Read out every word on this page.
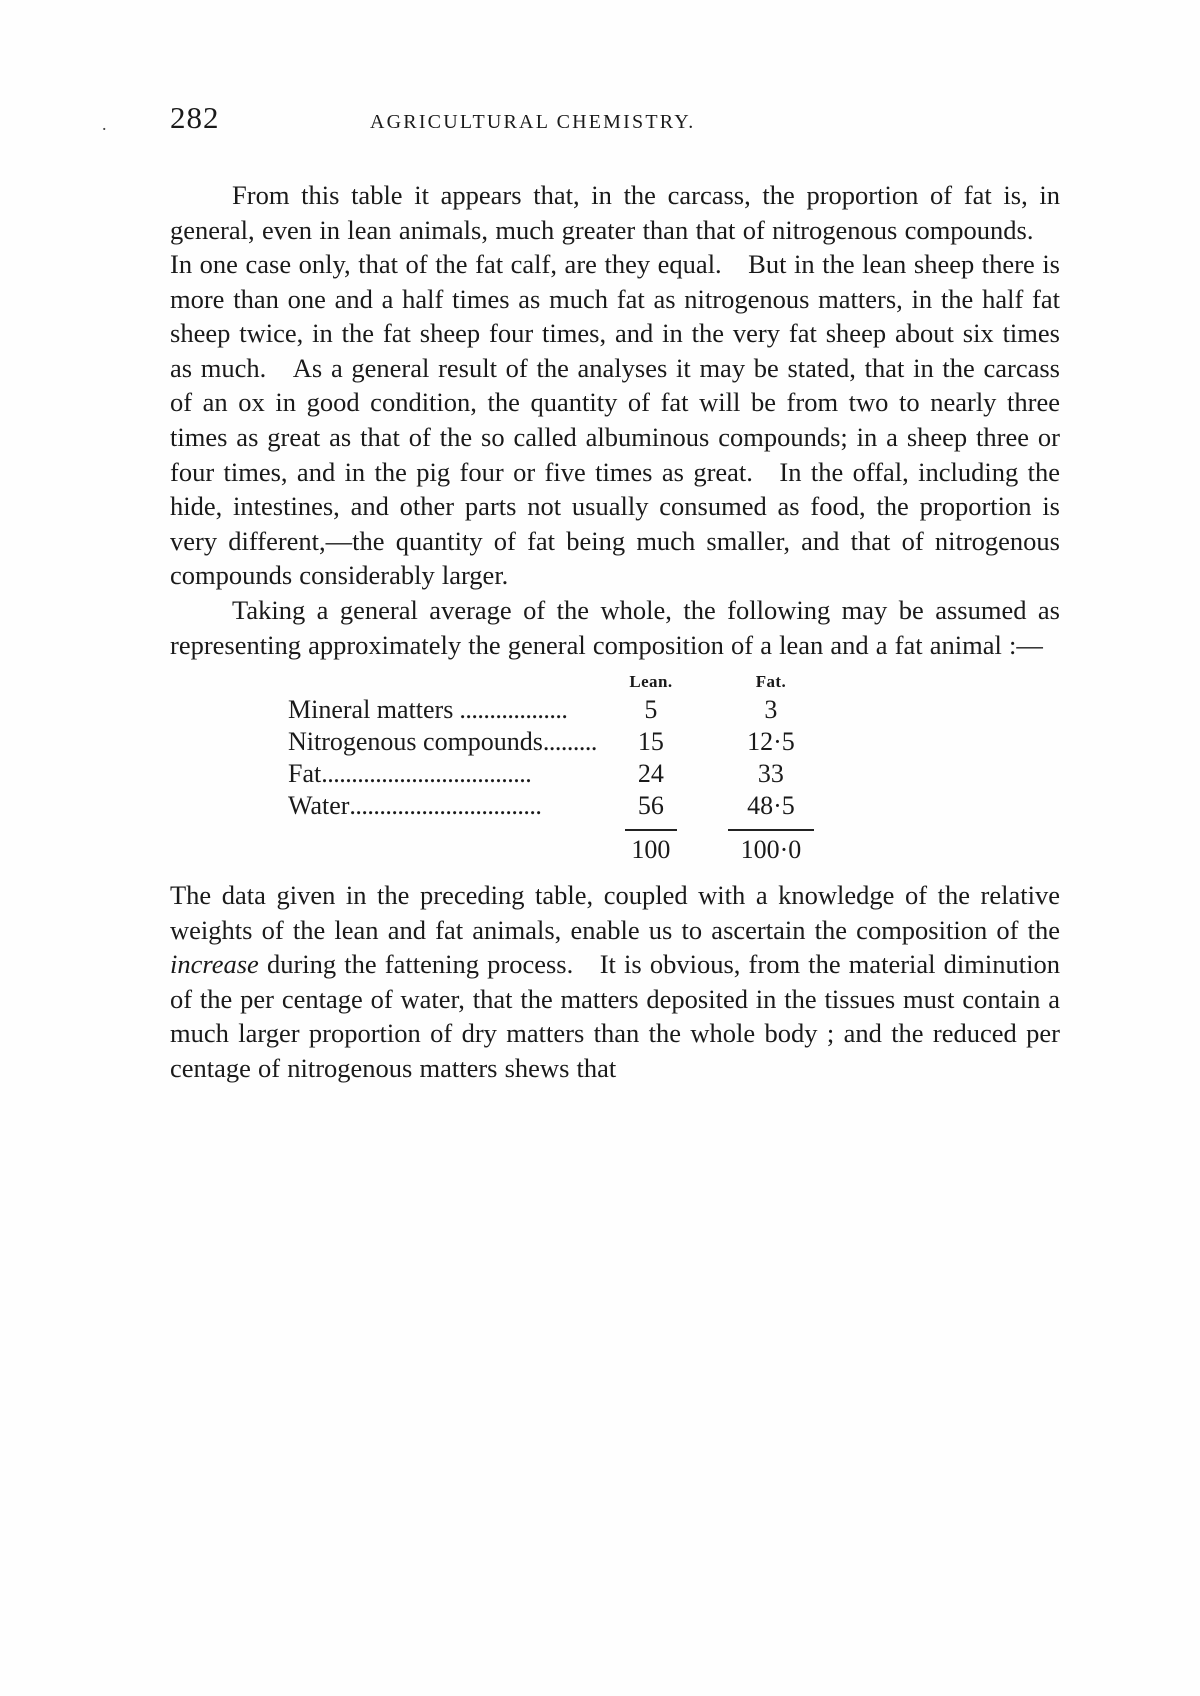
. 282	AGRICULTURAL CHEMISTRY.

From this table it appears that, in the carcass, the proportion of fat is, in general, even in lean animals, much greater than that of nitrogenous compounds. In one case only, that of the fat calf, are they equal. But in the lean sheep there is more than one and a half times as much fat as nitrogenous matters, in the half fat sheep twice, in the fat sheep four times, and in the very fat sheep about six times as much. As a general result of the analyses it may be stated, that in the carcass of an ox in good condition, the quantity of fat will be from two to nearly three times as great as that of the so called albuminous compounds; in a sheep three or four times, and in the pig four or five times as great. In the offal, including the hide, intestines, and other parts not usually consumed as food, the proportion is very different,—the quantity of fat being much smaller, and that of nitrogenous compounds considerably larger.

Taking a general average of the whole, the following may be assumed as representing approximately the general composition of a lean and a fat animal :—

	Lean.	Fat.
Mineral matters ..................	5	3
Nitrogenous compounds.........	15	12·5
Fat...................................	24	33
Water................................	56	48·5

	100	100·0

The data given in the preceding table, coupled with a knowledge of the relative weights of the lean and fat animals, enable us to ascertain the composition of the increase during the fattening process. It is obvious, from the material diminution of the per centage of water, that the matters deposited in the tissues must contain a much larger proportion of dry matters than the whole body ; and the reduced per centage of nitrogenous matters shews that
